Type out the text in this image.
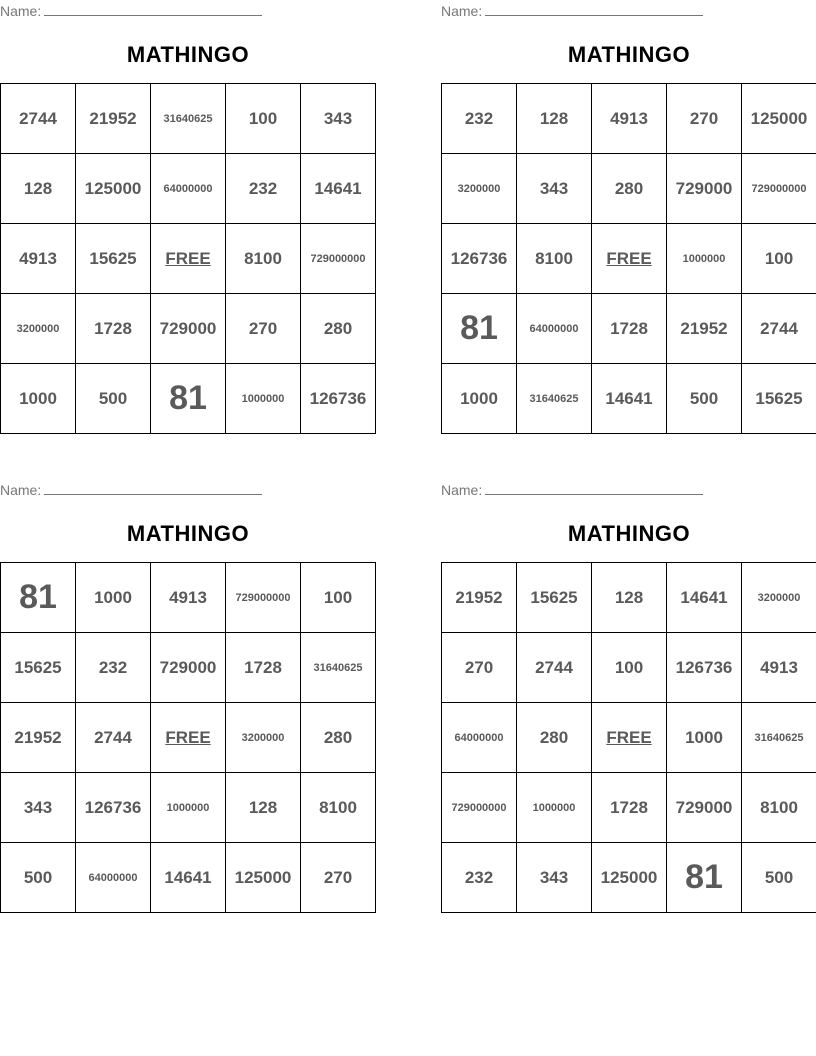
Name:
MATHINGO
2744	21952	31640625	100	343
128	125000	64000000	232	14641
4913	15625	FREE	8100	729000000
3200000	1728	729000	270	280
1000	500	81	1000000	126736
Name:
MATHINGO
232	128	4913	270	125000
3200000	343	280	729000	729000000
126736	8100	FREE	1000000	100
81	64000000	1728	21952	2744
1000	31640625	14641	500	15625
Name:
MATHINGO
81	1000	4913	729000000	100
15625	232	729000	1728	31640625
21952	2744	FREE	3200000	280
343	126736	1000000	128	8100
500	64000000	14641	125000	270
Name:
MATHINGO
21952	15625	128	14641	3200000
270	2744	100	126736	4913
64000000	280	FREE	1000	31640625
729000000	1000000	1728	729000	8100
232	343	125000	81	500
